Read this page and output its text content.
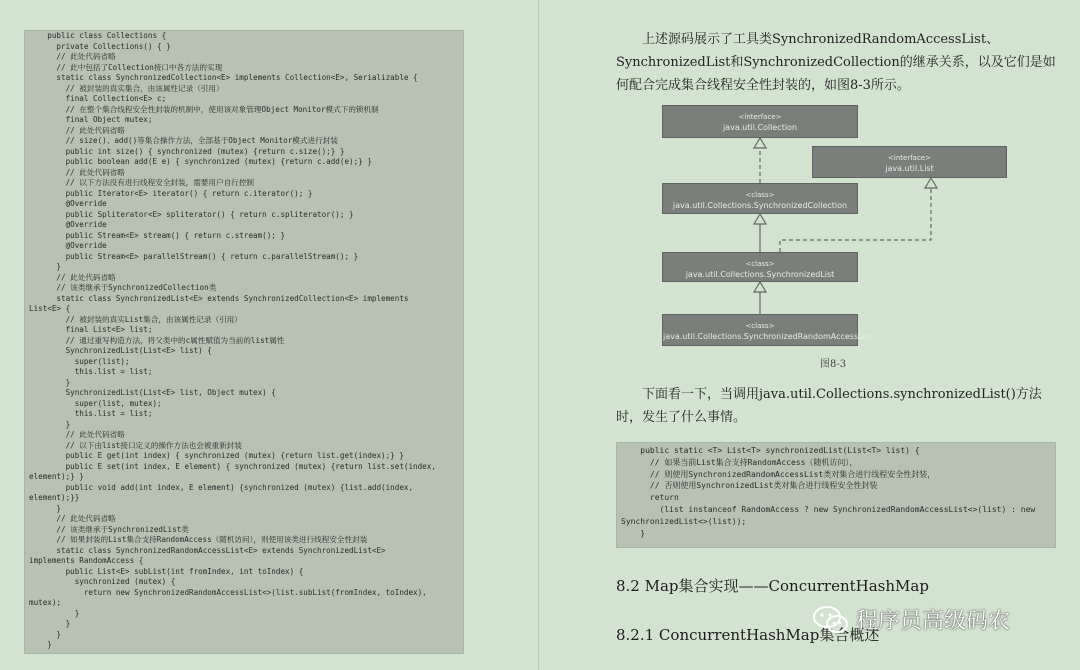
public class Collections {
private Collections() { }
// 此处代码省略
// 此中包括了Collection接口中各方法的实现
static class SynchronizedCollection<E> implements Collection<E>, Serializable {
// 被封装的真实集合，由该属性记录（引用）
final Collection<E> c;
// 在整个集合线程安全性封装的机制中，使用该对象管理Object Monitor模式下的锁机制
final Object mutex;
// 此处代码省略
// size()、add()等集合操作方法，全部基于Object Monitor模式进行封装
public int size() { synchronized (mutex) {return c.size();} }
public boolean add(E e) { synchronized (mutex) {return c.add(e);} }
// 此处代码省略
// 以下方法没有进行线程安全封装，需要用户自行控制
public Iterator<E> iterator() { return c.iterator(); }
@Override
public Spliterator<E> spliterator() { return c.spliterator(); }
@Override
public Stream<E> stream() { return c.stream(); }
@Override
public Stream<E> parallelStream() { return c.parallelStream(); }
}
// 此处代码省略
// 该类继承于SynchronizedCollection类
static class SynchronizedList<E> extends SynchronizedCollection<E> implements
List<E> {
// 被封装的真实List集合，由该属性记录（引用）
final List<E> list;
// 通过重写构造方法，将父类中的c属性赋值为当前的list属性
SynchronizedList(List<E> list) {
super(list);
this.list = list;
}
SynchronizedList(List<E> list, Object mutex) {
super(list, mutex);
this.list = list;
}
// 此处代码省略
// 以下由list接口定义的操作方法也会被重新封装
public E get(int index) { synchronized (mutex) {return list.get(index);} }
public E set(int index, E element) { synchronized (mutex) {return list.set(index,
element);} }
public void add(int index, E element) {synchronized (mutex) {list.add(index,
element);}}
}
// 此处代码省略
// 该类继承于SynchronizedList类
// 如果封装的List集合支持RandomAccess（随机访问），则使用该类进行线程安全性封装
static class SynchronizedRandomAccessList<E> extends SynchronizedList<E>
implements RandomAccess {
public List<E> subList(int fromIndex, int toIndex) {
synchronized (mutex) {
return new SynchronizedRandomAccessList<>(list.subList(fromIndex, toIndex),
mutex);
}
}
}
}
上述源码展示了工具类SynchronizedRandomAccessList、SynchronizedList和SynchronizedCollection的继承关系，以及它们是如何配合完成集合线程安全性封装的，如图8-3所示。
<interface>
java.util.Collection
<interface>
java.util.List
<class>
java.util.Collections.SynchronizedCollection
<class>
java.util.Collections.SynchronizedList
<class>
java.util.Collections.SynchronizedRandomAccessList
图8-3
下面看一下，当调用java.util.Collections.synchronizedList()方法时，发生了什么事情。
public static <T> List<T> synchronizedList(List<T> list) {
// 如果当前List集合支持RandomAccess（随机访问），
// 则使用SynchronizedRandomAccessList类对集合进行线程安全性封装，
// 否则使用SynchronizedList类对集合进行线程安全性封装
return
(list instanceof RandomAccess ? new SynchronizedRandomAccessList<>(list) : new
SynchronizedList<>(list));
}
8.2 Map集合实现——ConcurrentHashMap
8.2.1 ConcurrentHashMap集合概述
程序员高级码农
